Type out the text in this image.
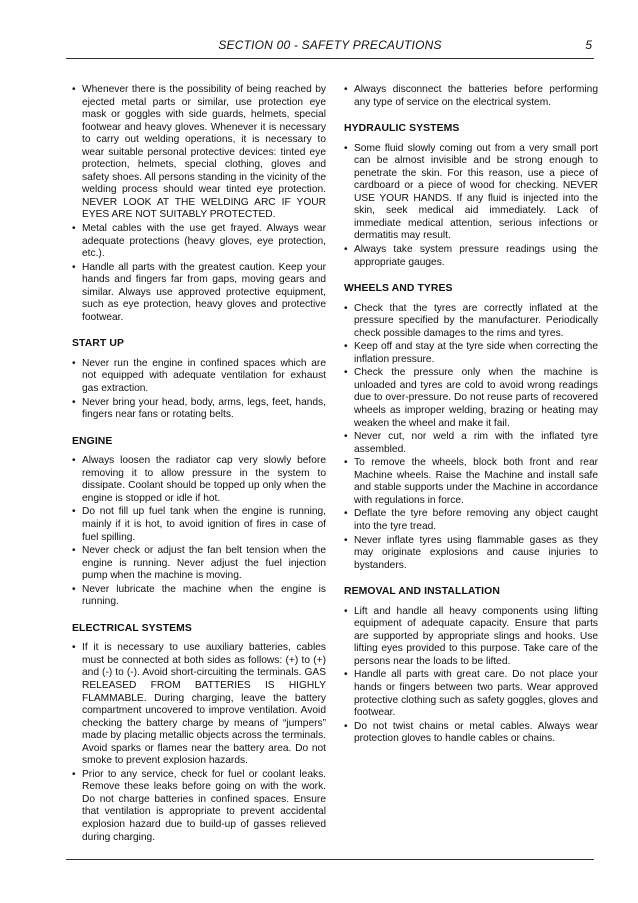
SECTION 00 - SAFETY PRECAUTIONS	5
• Whenever there is the possibility of being reached by ejected metal parts or similar, use protection eye mask or goggles with side guards, helmets, special footwear and heavy gloves. Whenever it is necessary to carry out welding operations, it is necessary to wear suitable personal protective devices: tinted eye protection, helmets, special clothing, gloves and safety shoes. All persons standing in the vicinity of the welding process should wear tinted eye protection. NEVER LOOK AT THE WELDING ARC IF YOUR EYES ARE NOT SUITABLY PROTECTED.
• Metal cables with the use get frayed. Always wear adequate protections (heavy gloves, eye protection, etc.).
• Handle all parts with the greatest caution. Keep your hands and fingers far from gaps, moving gears and similar. Always use approved protective equipment, such as eye protection, heavy gloves and protective footwear.
START UP
• Never run the engine in confined spaces which are not equipped with adequate ventilation for exhaust gas extraction.
• Never bring your head, body, arms, legs, feet, hands, fingers near fans or rotating belts.
ENGINE
• Always loosen the radiator cap very slowly before removing it to allow pressure in the system to dissipate. Coolant should be topped up only when the engine is stopped or idle if hot.
• Do not fill up fuel tank when the engine is running, mainly if it is hot, to avoid ignition of fires in case of fuel spilling.
• Never check or adjust the fan belt tension when the engine is running. Never adjust the fuel injection pump when the machine is moving.
• Never lubricate the machine when the engine is running.
ELECTRICAL SYSTEMS
• If it is necessary to use auxiliary batteries, cables must be connected at both sides as follows: (+) to (+) and (-) to (-). Avoid short-circuiting the terminals. GAS RELEASED FROM BATTERIES IS HIGHLY FLAMMABLE. During charging, leave the battery compartment uncovered to improve ventilation. Avoid checking the battery charge by means of “jumpers” made by placing metallic objects across the terminals. Avoid sparks or flames near the battery area. Do not smoke to prevent explosion hazards.
• Prior to any service, check for fuel or coolant leaks. Remove these leaks before going on with the work. Do not charge batteries in confined spaces. Ensure that ventilation is appropriate to prevent accidental explosion hazard due to build-up of gasses relieved during charging.
• Always disconnect the batteries before performing any type of service on the electrical system.
HYDRAULIC SYSTEMS
• Some fluid slowly coming out from a very small port can be almost invisible and be strong enough to penetrate the skin. For this reason, use a piece of cardboard or a piece of wood for checking. NEVER USE YOUR HANDS. If any fluid is injected into the skin, seek medical aid immediately. Lack of immediate medical attention, serious infections or dermatitis may result.
• Always take system pressure readings using the appropriate gauges.
WHEELS AND TYRES
• Check that the tyres are correctly inflated at the pressure specified by the manufacturer. Periodically check possible damages to the rims and tyres.
• Keep off and stay at the tyre side when correcting the inflation pressure.
• Check the pressure only when the machine is unloaded and tyres are cold to avoid wrong readings due to over-pressure. Do not reuse parts of recovered wheels as improper welding, brazing or heating may weaken the wheel and make it fail.
• Never cut, nor weld a rim with the inflated tyre assembled.
• To remove the wheels, block both front and rear Machine wheels. Raise the Machine and install safe and stable supports under the Machine in accordance with regulations in force.
• Deflate the tyre before removing any object caught into the tyre tread.
• Never inflate tyres using flammable gases as they may originate explosions and cause injuries to bystanders.
REMOVAL AND INSTALLATION
• Lift and handle all heavy components using lifting equipment of adequate capacity. Ensure that parts are supported by appropriate slings and hooks. Use lifting eyes provided to this purpose. Take care of the persons near the loads to be lifted.
• Handle all parts with great care. Do not place your hands or fingers between two parts. Wear approved protective clothing such as safety goggles, gloves and footwear.
• Do not twist chains or metal cables. Always wear protection gloves to handle cables or chains.
